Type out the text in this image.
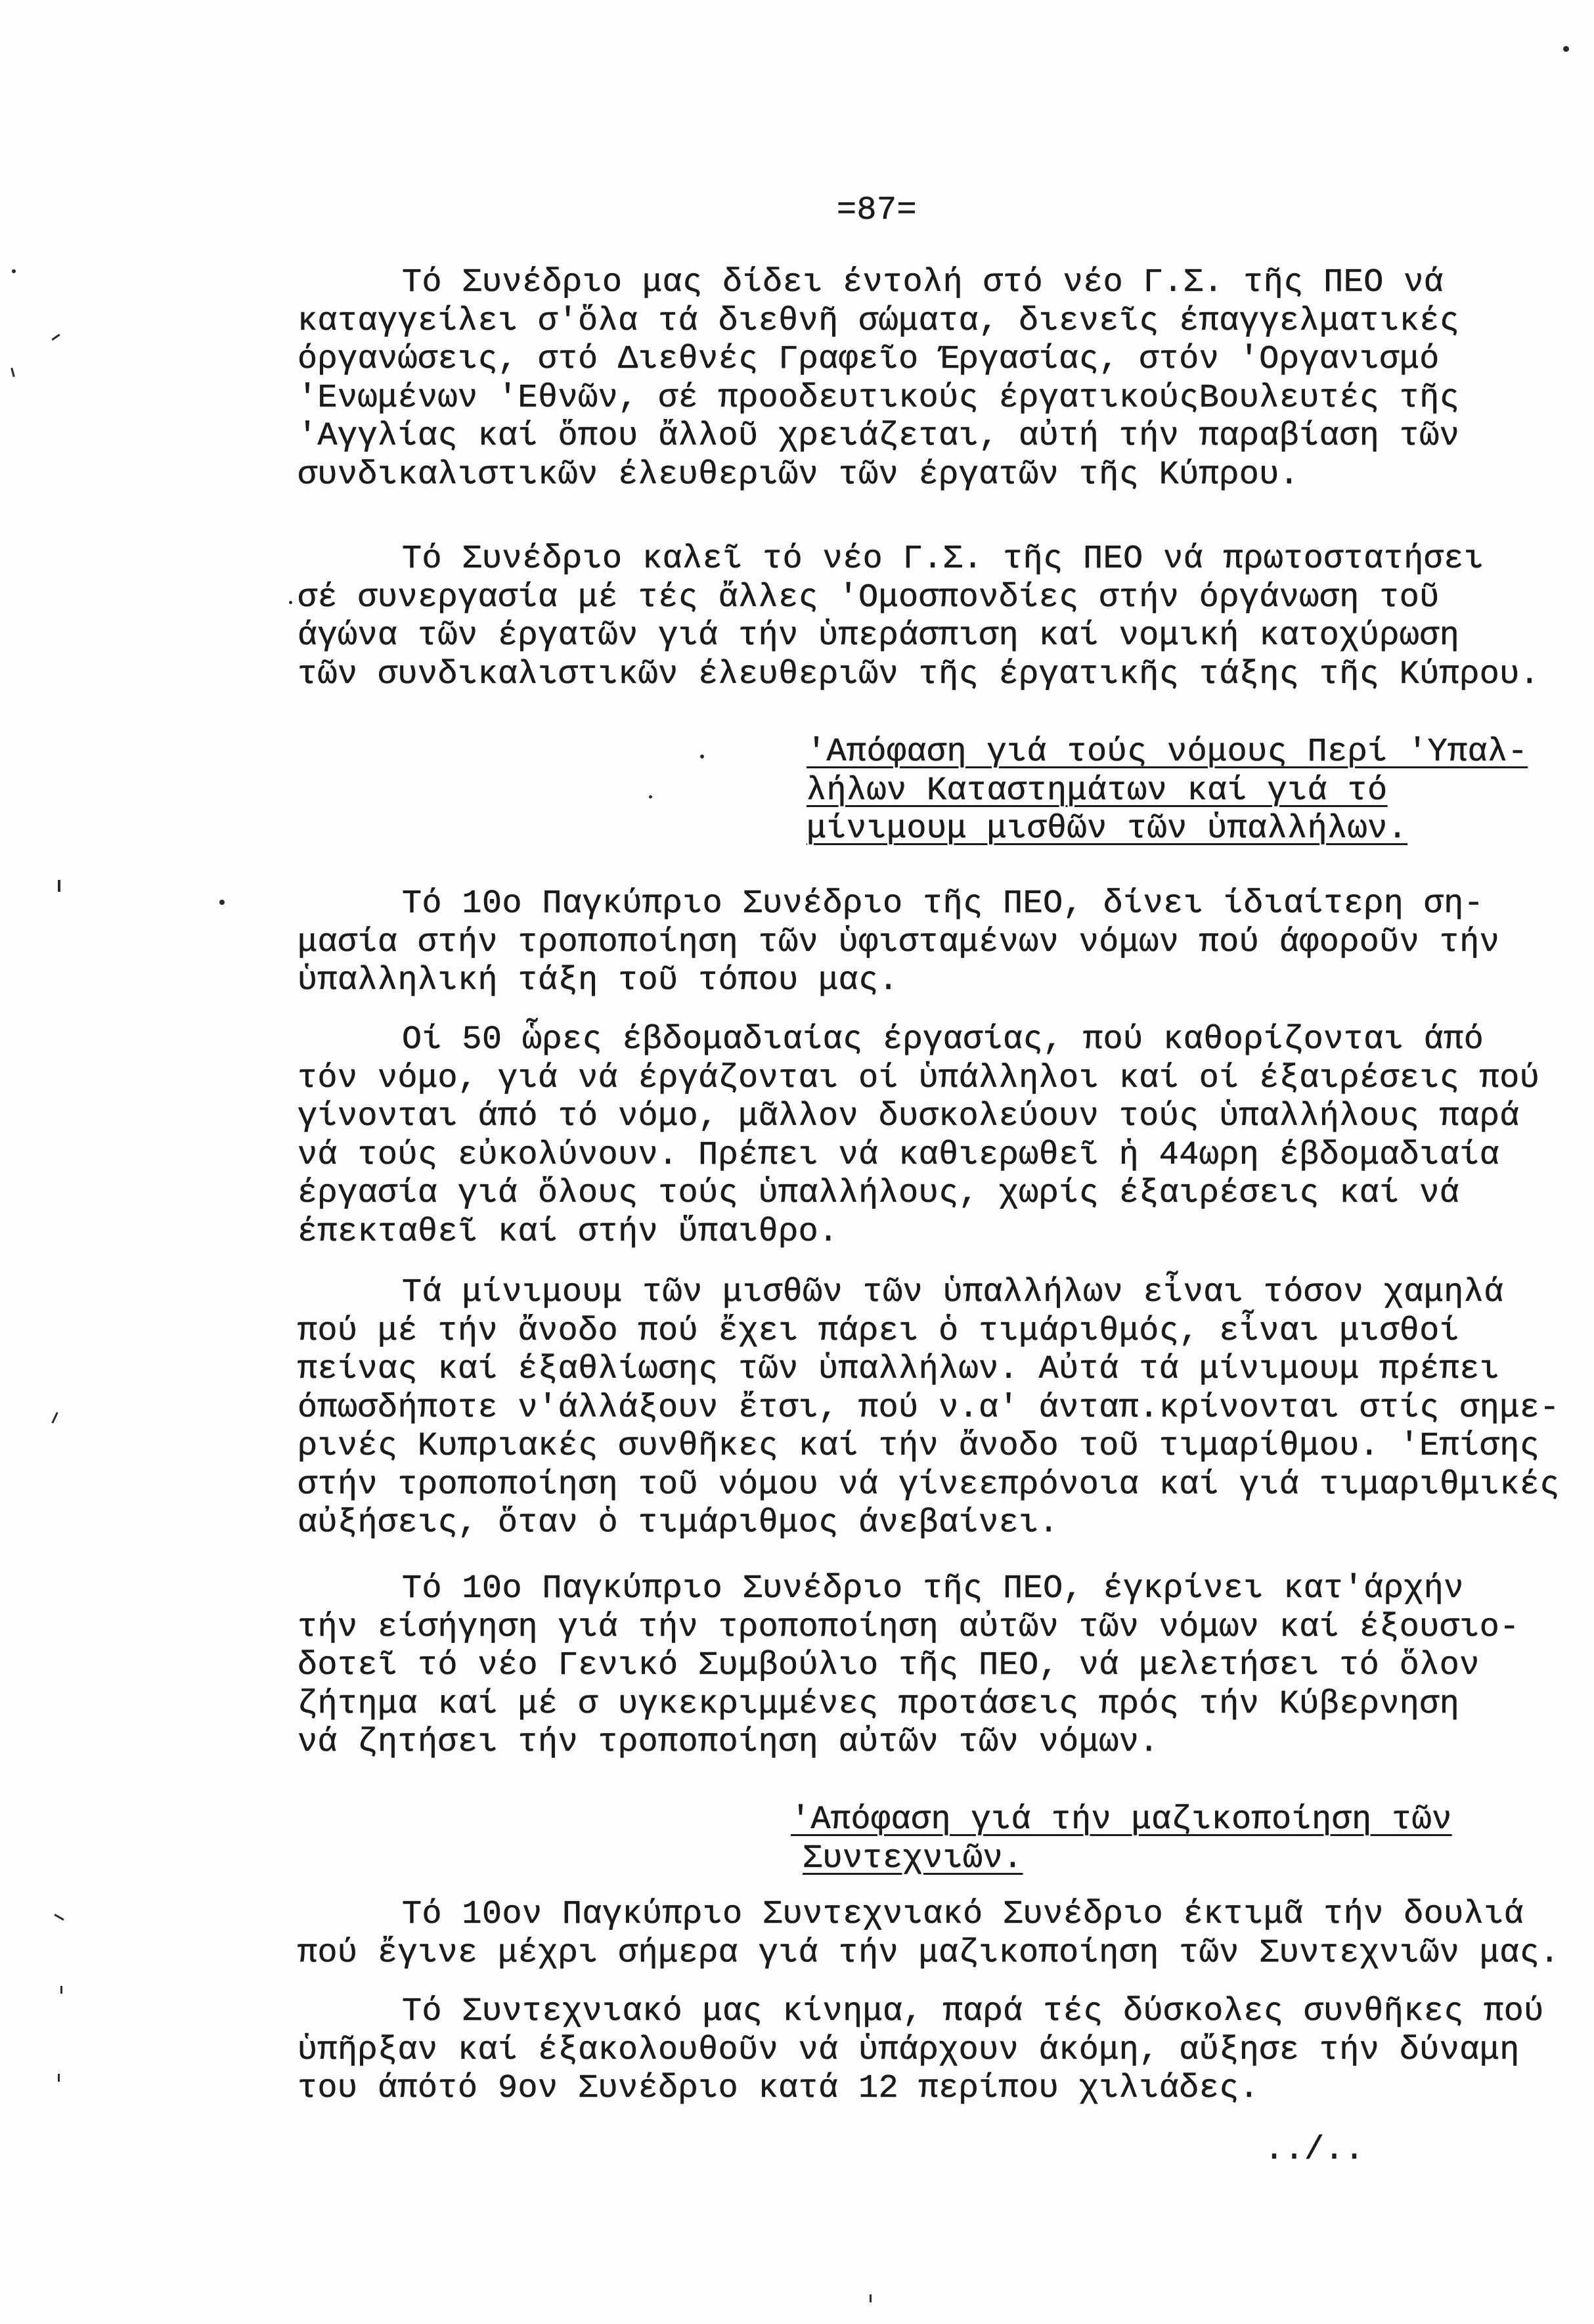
=87=
Τό Συνέδριο μας δίδει έντολή στό νέο Γ.Σ. τῆς ΠΕΟ νά
καταγγείλει σ'ὅλα τά διεθνῆ σώματα, διενεῖς έπαγγελματικές
όργανώσεις, στό Διεθνές Γραφεῖο Έργασίας, στόν 'Οργανισμό
'Ενωμένων 'Εθνῶν, σέ προοδευτικούς έργατικούςΒουλευτές τῆς
'Αγγλίας καί ὅπου ἄλλοῦ χρειάζεται, αὐτή τήν παραβίαση τῶν
συνδικαλιστικῶν έλευθεριῶν τῶν έργατῶν τῆς Κύπρου.
Τό Συνέδριο καλεῖ τό νέο Γ.Σ. τῆς ΠΕΟ νά πρωτοστατήσει
σέ συνεργασία μέ τές ἄλλες 'Ομοσπονδίες στήν όργάνωση τοῦ
άγώνα τῶν έργατῶν γιά τήν ὑπεράσπιση καί νομική κατοχύρωση
τῶν συνδικαλιστικῶν έλευθεριῶν τῆς έργατικῆς τάξης τῆς Κύπρου.
'Απόφαση γιά τούς νόμους Περί 'Υπαλ-
λήλων Καταστημάτων καί γιά τό
μίνιμουμ μισθῶν τῶν ὑπαλλήλων.
Τό 10ο Παγκύπριο Συνέδριο τῆς ΠΕΟ, δίνει ίδιαίτερη ση-
μασία στήν τροποποίηση τῶν ὑφισταμένων νόμων πού άφοροῦν τήν
ὑπαλληλική τάξη τοῦ τόπου μας.
Οί 50 ὧρες έβδομαδιαίας έργασίας, πού καθορίζονται άπό
τόν νόμο, γιά νά έργάζονται οί ὑπάλληλοι καί οί έξαιρέσεις πού
γίνονται άπό τό νόμο, μᾶλλον δυσκολεύουν τούς ὑπαλλήλους παρά
νά τούς εὐκολύνουν. Πρέπει νά καθιερωθεῖ ἡ 44ωρη έβδομαδιαία
έργασία γιά ὅλους τούς ὑπαλλήλους, χωρίς έξαιρέσεις καί νά
έπεκταθεῖ καί στήν ὕπαιθρο.
Τά μίνιμουμ τῶν μισθῶν τῶν ὑπαλλήλων εἶναι τόσον χαμηλά
πού μέ τήν ἄνοδο πού ἔχει πάρει ὁ τιμάριθμός, εἶναι μισθοί
πείνας καί έξαθλίωσης τῶν ὑπαλλήλων. Αὐτά τά μίνιμουμ πρέπει
όπωσδήποτε ν'άλλάξουν ἔτσι, πού ν.α' άνταπ.κρίνονται στίς σημε-
ρινές Κυπριακές συνθῆκες καί τήν ἄνοδο τοῦ τιμαρίθμου. 'Επίσης
στήν τροποποίηση τοῦ νόμου νά γίνεεπρόνοια καί γιά τιμαριθμικές
αὐξήσεις, ὅταν ὁ τιμάριθμος άνεβαίνει.
Τό 10ο Παγκύπριο Συνέδριο τῆς ΠΕΟ, έγκρίνει κατ'άρχήν
τήν είσήγηση γιά τήν τροποποίηση αὐτῶν τῶν νόμων καί έξουσιο-
δοτεῖ τό νέο Γενικό Συμβούλιο τῆς ΠΕΟ, νά μελετήσει τό ὅλον
ζήτημα καί μέ σ υγκεκριμμένες προτάσεις πρός τήν Κύβερνηση
νά ζητήσει τήν τροποποίηση αὐτῶν τῶν νόμων.
'Απόφαση γιά τήν μαζικοποίηση τῶν
Συντεχνιῶν.
Τό 10ον Παγκύπριο Συντεχνιακό Συνέδριο έκτιμᾶ τήν δουλιά
πού ἔγινε μέχρι σήμερα γιά τήν μαζικοποίηση τῶν Συντεχνιῶν μας.
Τό Συντεχνιακό μας κίνημα, παρά τές δύσκολες συνθῆκες πού
ὑπῆρξαν καί έξακολουθοῦν νά ὑπάρχουν άκόμη, αὔξησε τήν δύναμη
του άπότό 9ον Συνέδριο κατά 12 περίπου χιλιάδες.
../..
